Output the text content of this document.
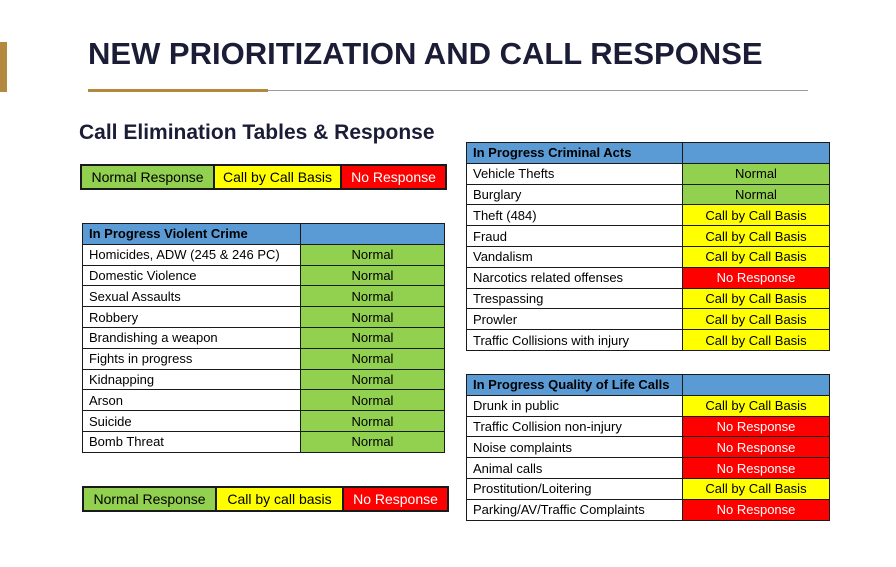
NEW PRIORITIZATION AND CALL RESPONSE
Call Elimination Tables & Response
Normal Response	Call by Call Basis	No Response
In Progress Violent Crime	
Homicides, ADW (245 & 246 PC)	Normal
Domestic Violence	Normal
Sexual Assaults	Normal
Robbery	Normal
Brandishing a weapon	Normal
Fights in progress	Normal
Kidnapping	Normal
Arson	Normal
Suicide	Normal
Bomb Threat	Normal
Normal Response	Call by call basis	No Response
In Progress Criminal Acts	
Vehicle Thefts	Normal
Burglary	Normal
Theft (484)	Call by Call Basis
Fraud	Call by Call Basis
Vandalism	Call by Call Basis
Narcotics related offenses	No Response
Trespassing	Call by Call Basis
Prowler	Call by Call Basis
Traffic Collisions with injury	Call by Call Basis
In Progress Quality of Life Calls	
Drunk in public	Call by Call Basis
Traffic Collision non-injury	No Response
Noise complaints	No Response
Animal calls	No Response
Prostitution/Loitering	Call by Call Basis
Parking/AV/Traffic Complaints	No Response
